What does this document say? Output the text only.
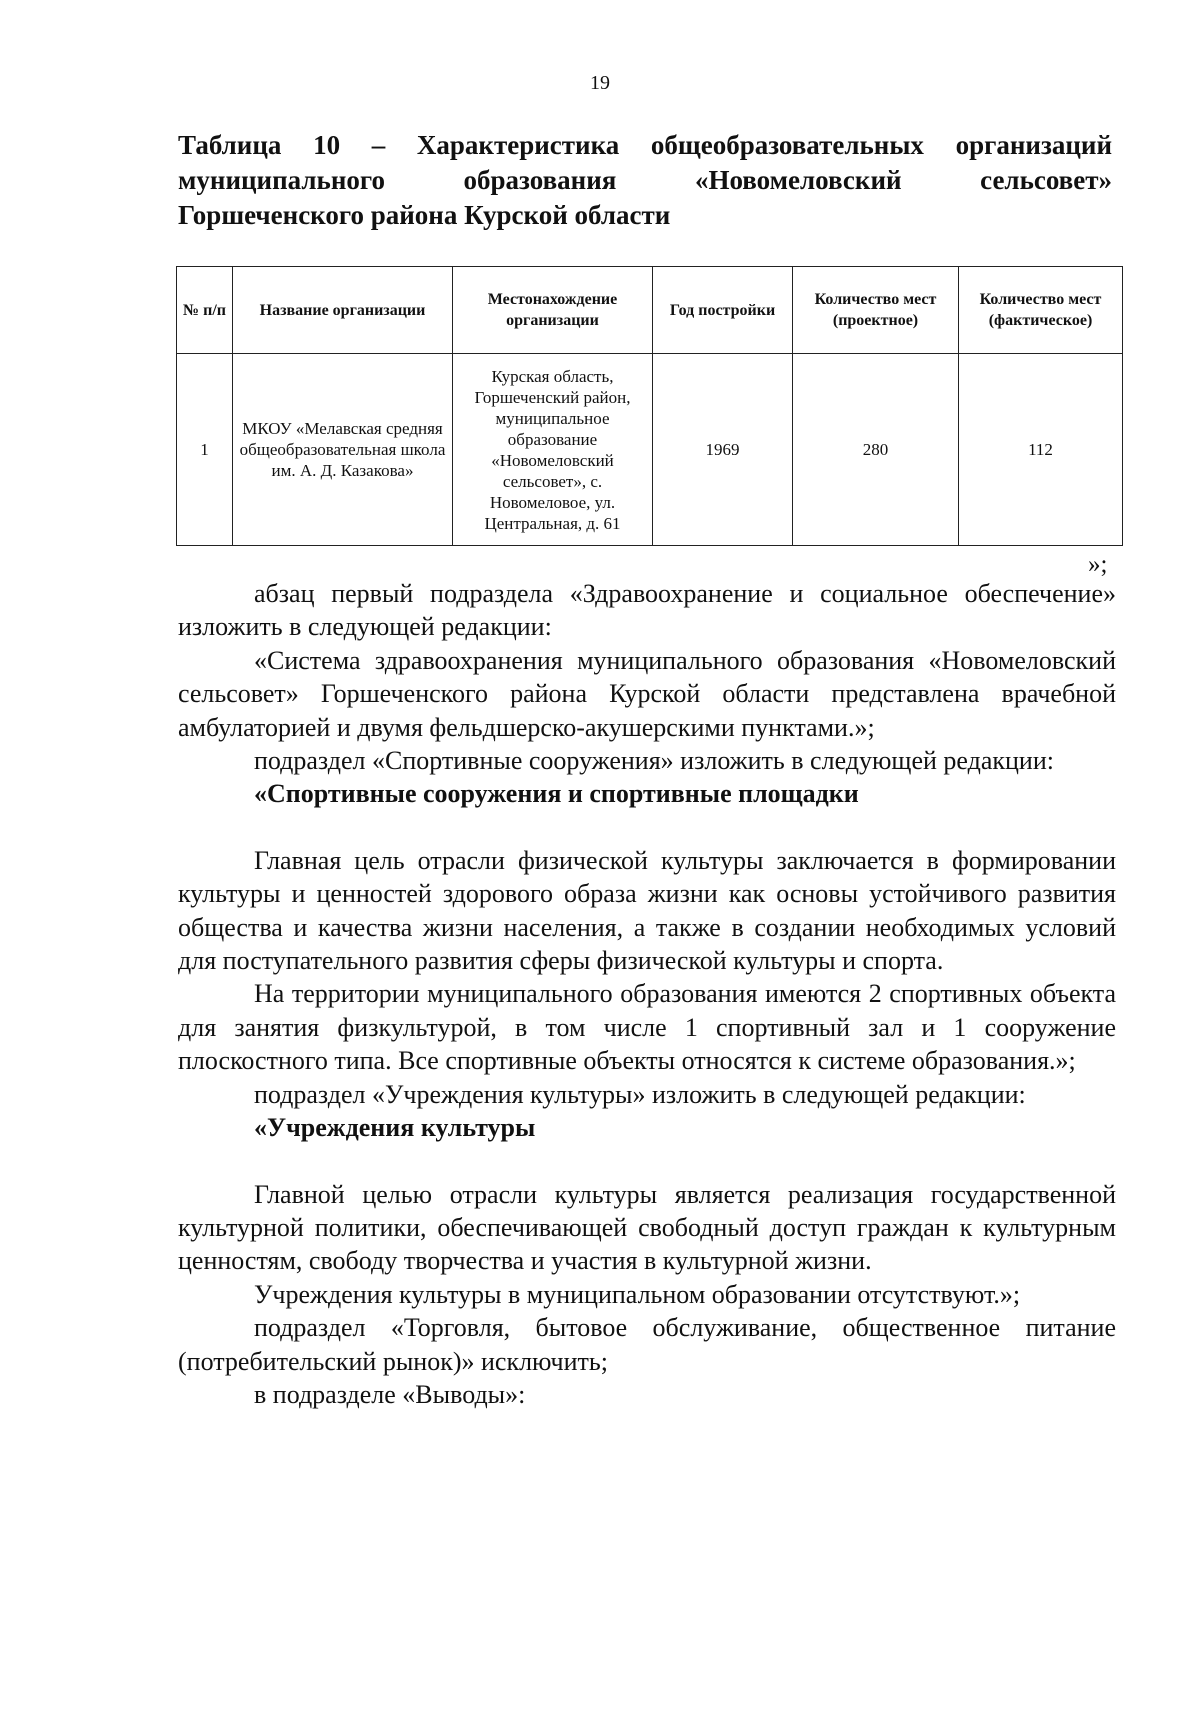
19
Таблица 10 – Характеристика общеобразовательных организаций
муниципального образования «Новомеловский сельсовет»
Горшеченского района Курской области
№ п/п	Название организации	Местонахождение организации	Год постройки	Количество мест (проектное)	Количество мест (фактическое)
1	МКОУ «Мелавская средняя общеобразовательная школа им. А. Д. Казакова»	Курская область, Горшеченский район, муниципальное образование «Новомеловский сельсовет», с. Новомеловое, ул. Центральная, д. 61	1969	280	112
»;

абзац первый подраздела «Здравоохранение и социальное обеспечение» изложить в следующей редакции:

«Система здравоохранения муниципального образования «Новомеловский сельсовет» Горшеченского района Курской области представлена врачебной амбулаторией и двумя фельдшерско-акушерскими пунктами.»;

подраздел «Спортивные сооружения» изложить в следующей редакции:

«Спортивные сооружения и спортивные площадки

Главная цель отрасли физической культуры заключается в формировании культуры и ценностей здорового образа жизни как основы устойчивого развития общества и качества жизни населения, а также в создании необходимых условий для поступательного развития сферы физической культуры и спорта.

На территории муниципального образования имеются 2 спортивных объекта для занятия физкультурой, в том числе 1 спортивный зал и 1 сооружение плоскостного типа. Все спортивные объекты относятся к системе образования.»;

подраздел «Учреждения культуры» изложить в следующей редакции:

«Учреждения культуры

Главной целью отрасли культуры является реализация государственной культурной политики, обеспечивающей свободный доступ граждан к культурным ценностям, свободу творчества и участия в культурной жизни.

Учреждения культуры в муниципальном образовании отсутствуют.»;

подраздел «Торговля, бытовое обслуживание, общественное питание (потребительский рынок)» исключить;

в подразделе «Выводы»:
